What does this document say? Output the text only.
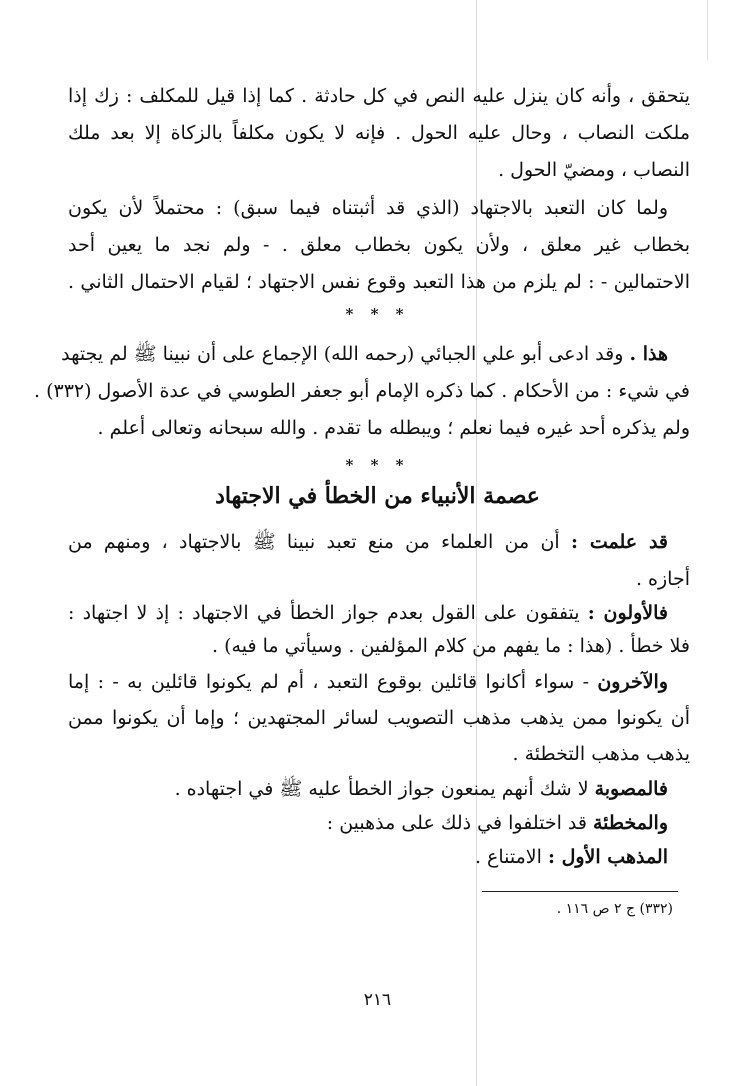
يتحقق ، وأنه كان ينزل عليه النص في كل حادثة . كما إذا قيل للمكلف : زك إذا
ملكت النصاب ، وحال عليه الحول . فإنه لا يكون مكلفاً بالزكاة إلا بعد ملك
النصاب ، ومضيّ الحول .
ولما كان التعبد بالاجتهاد (الذي قد أثبتناه فيما سبق) : محتملاً لأن يكون
بخطاب غير معلق ، ولأن يكون بخطاب معلق . - ولم نجد ما يعين أحد
الاحتمالين - : لم يلزم من هذا التعبد وقوع نفس الاجتهاد ؛ لقيام الاحتمال الثاني .
* * *
هذا . وقد ادعى أبو علي الجبائي (رحمه الله) الإجماع على أن نبينا ﷺ لم يجتهد
في شيء : من الأحكام . كما ذكره الإمام أبو جعفر الطوسي في عدة الأصول (٣٣٢) .
ولم يذكره أحد غيره فيما نعلم ؛ ويبطله ما تقدم . والله سبحانه وتعالى أعلم .
* * *
عصمة الأنبياء من الخطأ في الاجتهاد
قد علمت : أن من العلماء من منع تعبد نبينا ﷺ بالاجتهاد ، ومنهم من
أجازه .
فالأولون : يتفقون على القول بعدم جواز الخطأ في الاجتهاد : إذ لا اجتهاد :
فلا خطأ . (هذا : ما يفهم من كلام المؤلفين . وسيأتي ما فيه) .
والآخرون - سواء أكانوا قائلين بوقوع التعبد ، أم لم يكونوا قائلين به - : إما
أن يكونوا ممن يذهب مذهب التصويب لسائر المجتهدين ؛ وإما أن يكونوا ممن
يذهب مذهب التخطئة .
فالمصوبة لا شك أنهم يمنعون جواز الخطأ عليه ﷺ في اجتهاده .
والمخطئة قد اختلفوا في ذلك على مذهبين :
المذهب الأول : الامتناع .
(٣٣٢) ج ٢ ص ١١٦ .
٢١٦
